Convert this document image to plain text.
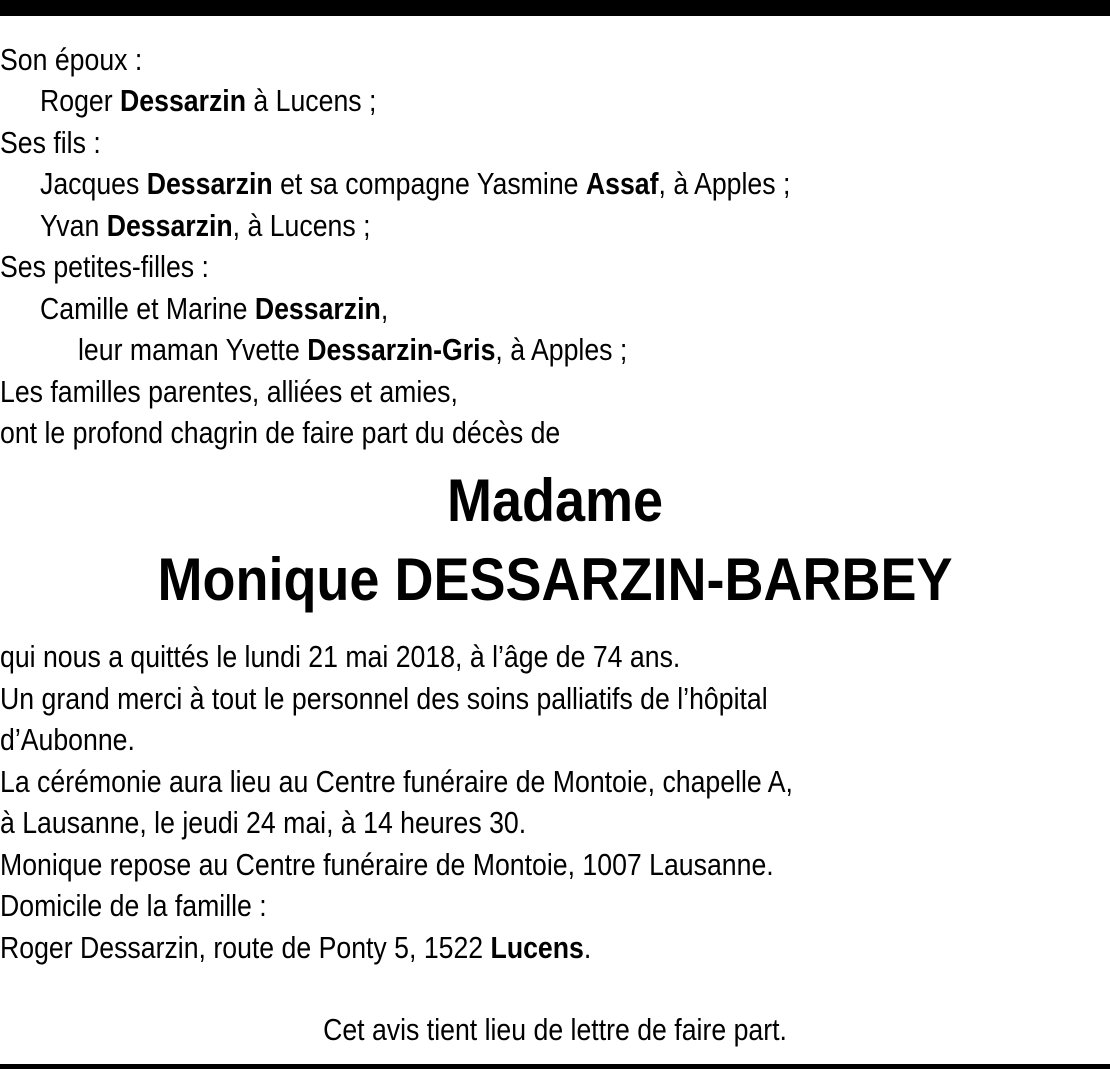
Son époux :
Roger Dessarzin à Lucens ;
Ses fils :
Jacques Dessarzin et sa compagne Yasmine Assaf, à Apples ;
Yvan Dessarzin, à Lucens ;
Ses petites-filles :
Camille et Marine Dessarzin,
leur maman Yvette Dessarzin-Gris, à Apples ;
Les familles parentes, alliées et amies,
ont le profond chagrin de faire part du décès de
Madame
Monique DESSARZIN-BARBEY
qui nous a quittés le lundi 21 mai 2018, à l’âge de 74 ans.
Un grand merci à tout le personnel des soins palliatifs de l’hôpital
d’Aubonne.
La cérémonie aura lieu au Centre funéraire de Montoie, chapelle A,
à Lausanne, le jeudi 24 mai, à 14 heures 30.
Monique repose au Centre funéraire de Montoie, 1007 Lausanne.
Domicile de la famille :
Roger Dessarzin, route de Ponty 5, 1522 Lucens.
Cet avis tient lieu de lettre de faire part.
